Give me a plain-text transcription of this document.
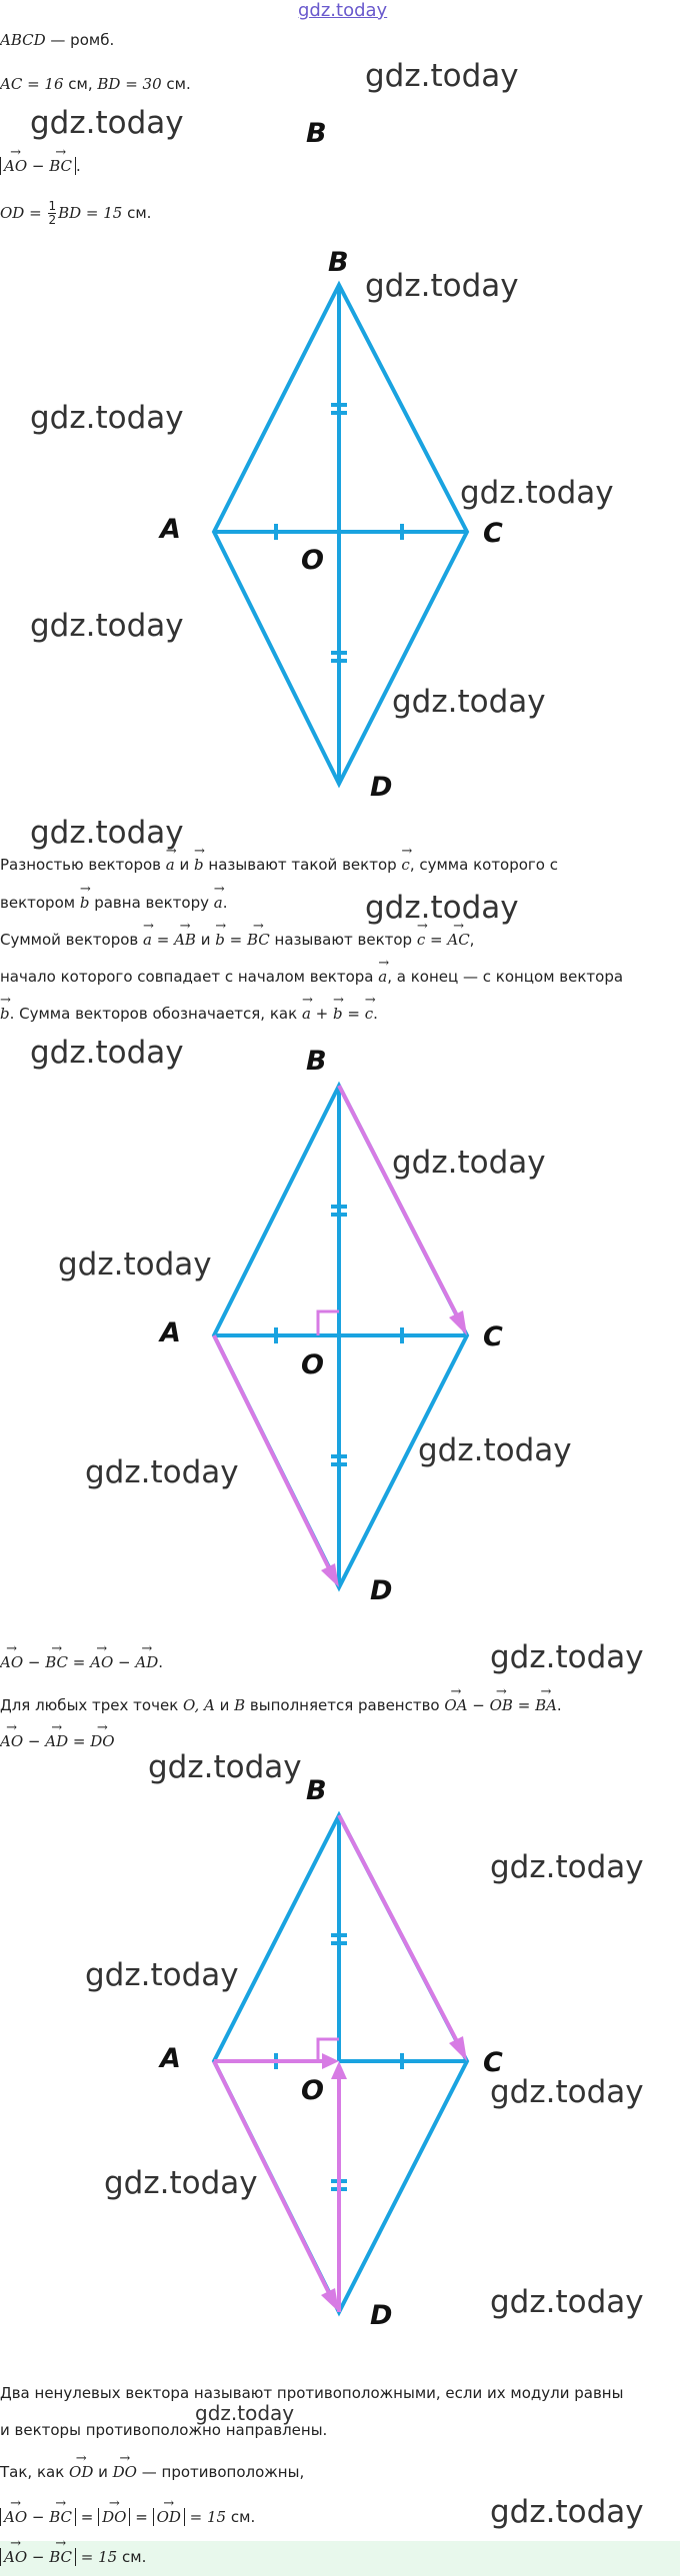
gdz.today
ABCD — ромб.
AC = 16 см, BD = 30 см.
→ AO − → BC .
OD = $\frac{1}{2}$ BD = 15 см.
B
B
A	C
O
D
Разностью векторов → a и → b называют такой вектор → c, сумма которого с
вектором → b равна вектору → a.
Суммой векторов → a = → AB и → b = → BC называют вектор → c = → AC,
начало которого совпадает с началом вектора → a, а конец — с концом вектора
→ b. Сумма векторов обозначается, как → a + → b = → c.
B
A	C
O
D
→ AO − → BC = → AO − → AD.
Для любых трех точек O, A и B выполняется равенство → OA − → OB = → BA.
→ AO − → AD = → DO
B
A	C
O
D
Два ненулевых вектора называют противоположными, если их модули равны
и векторы противоположно направлены.
Так, как → OD и → DO — противоположны,
→ AO − → BC = → DO = → OD = 15 см.
→ AO − → BC = 15 см.
gdz.today
gdz.today
gdz.today
gdz.today
gdz.today
gdz.today
gdz.today
gdz.today
gdz.today
gdz.today
gdz.today
gdz.today
gdz.today
gdz.today
gdz.today
gdz.today
gdz.today
gdz.today
gdz.today
gdz.today
gdz.today
gdz.today
gdz.today
